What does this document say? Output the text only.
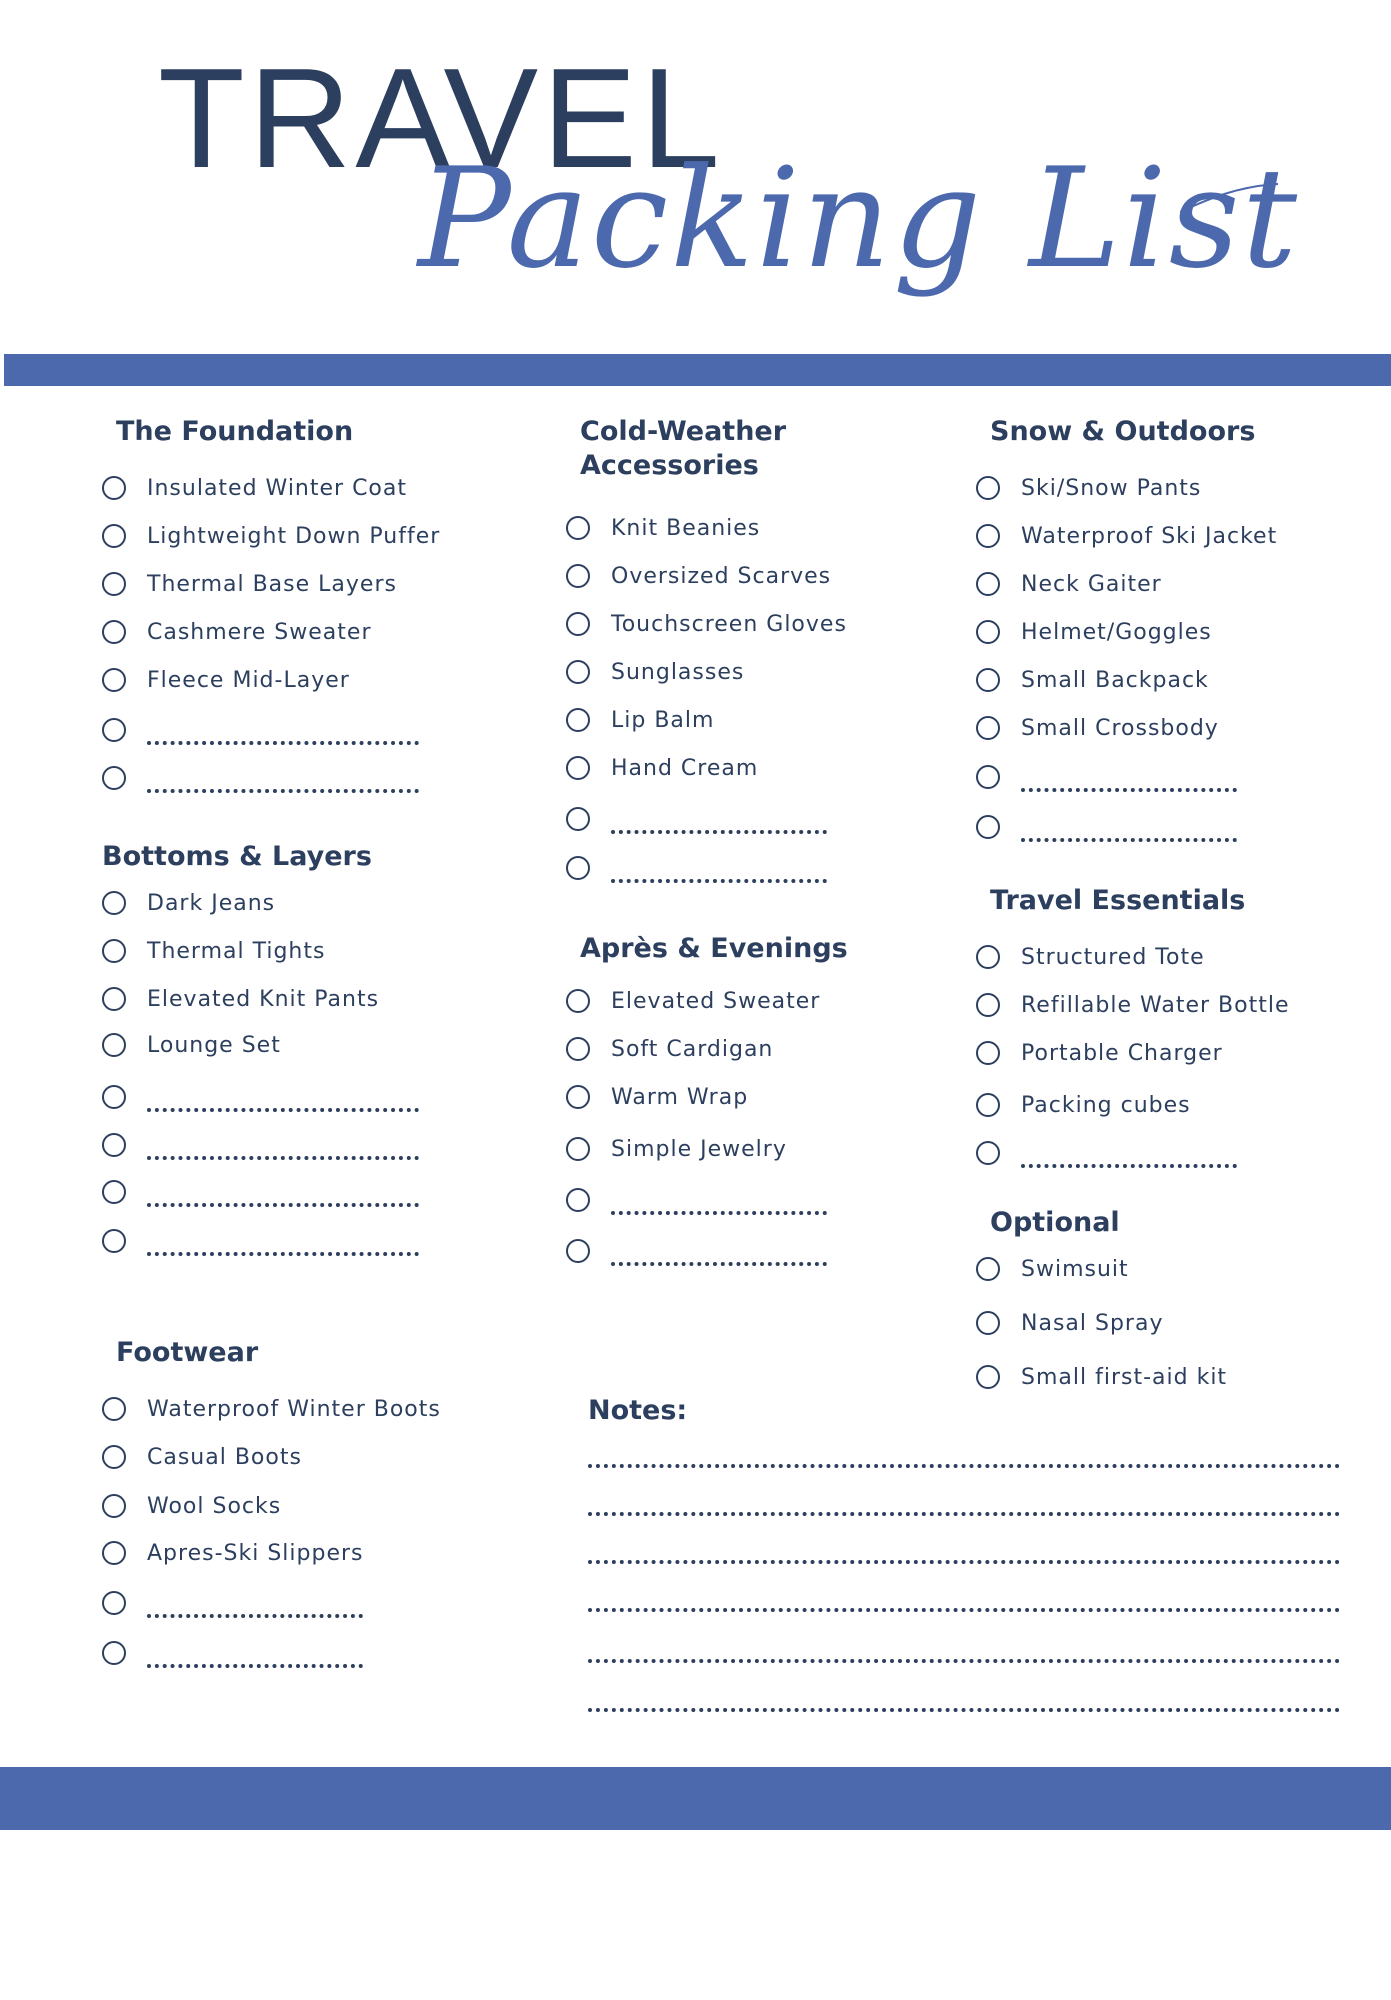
TRAVEL
Packing List
The Foundation
Insulated Winter Coat
Lightweight Down Puffer
Thermal Base Layers
Cashmere Sweater
Fleece Mid-Layer
Bottoms & Layers
Dark Jeans
Thermal Tights
Elevated Knit Pants
Lounge Set
Footwear
Waterproof Winter Boots
Casual Boots
Wool Socks
Apres-Ski Slippers
Cold-Weather
Accessories
Knit Beanies
Oversized Scarves
Touchscreen Gloves
Sunglasses
Lip Balm
Hand Cream
Après & Evenings
Elevated Sweater
Soft Cardigan
Warm Wrap
Simple Jewelry
Snow & Outdoors
Ski/Snow Pants
Waterproof Ski Jacket
Neck Gaiter
Helmet/Goggles
Small Backpack
Small Crossbody
Travel Essentials
Structured Tote
Refillable Water Bottle
Portable Charger
Packing cubes
Optional
Swimsuit
Nasal Spray
Small first-aid kit
Notes:
